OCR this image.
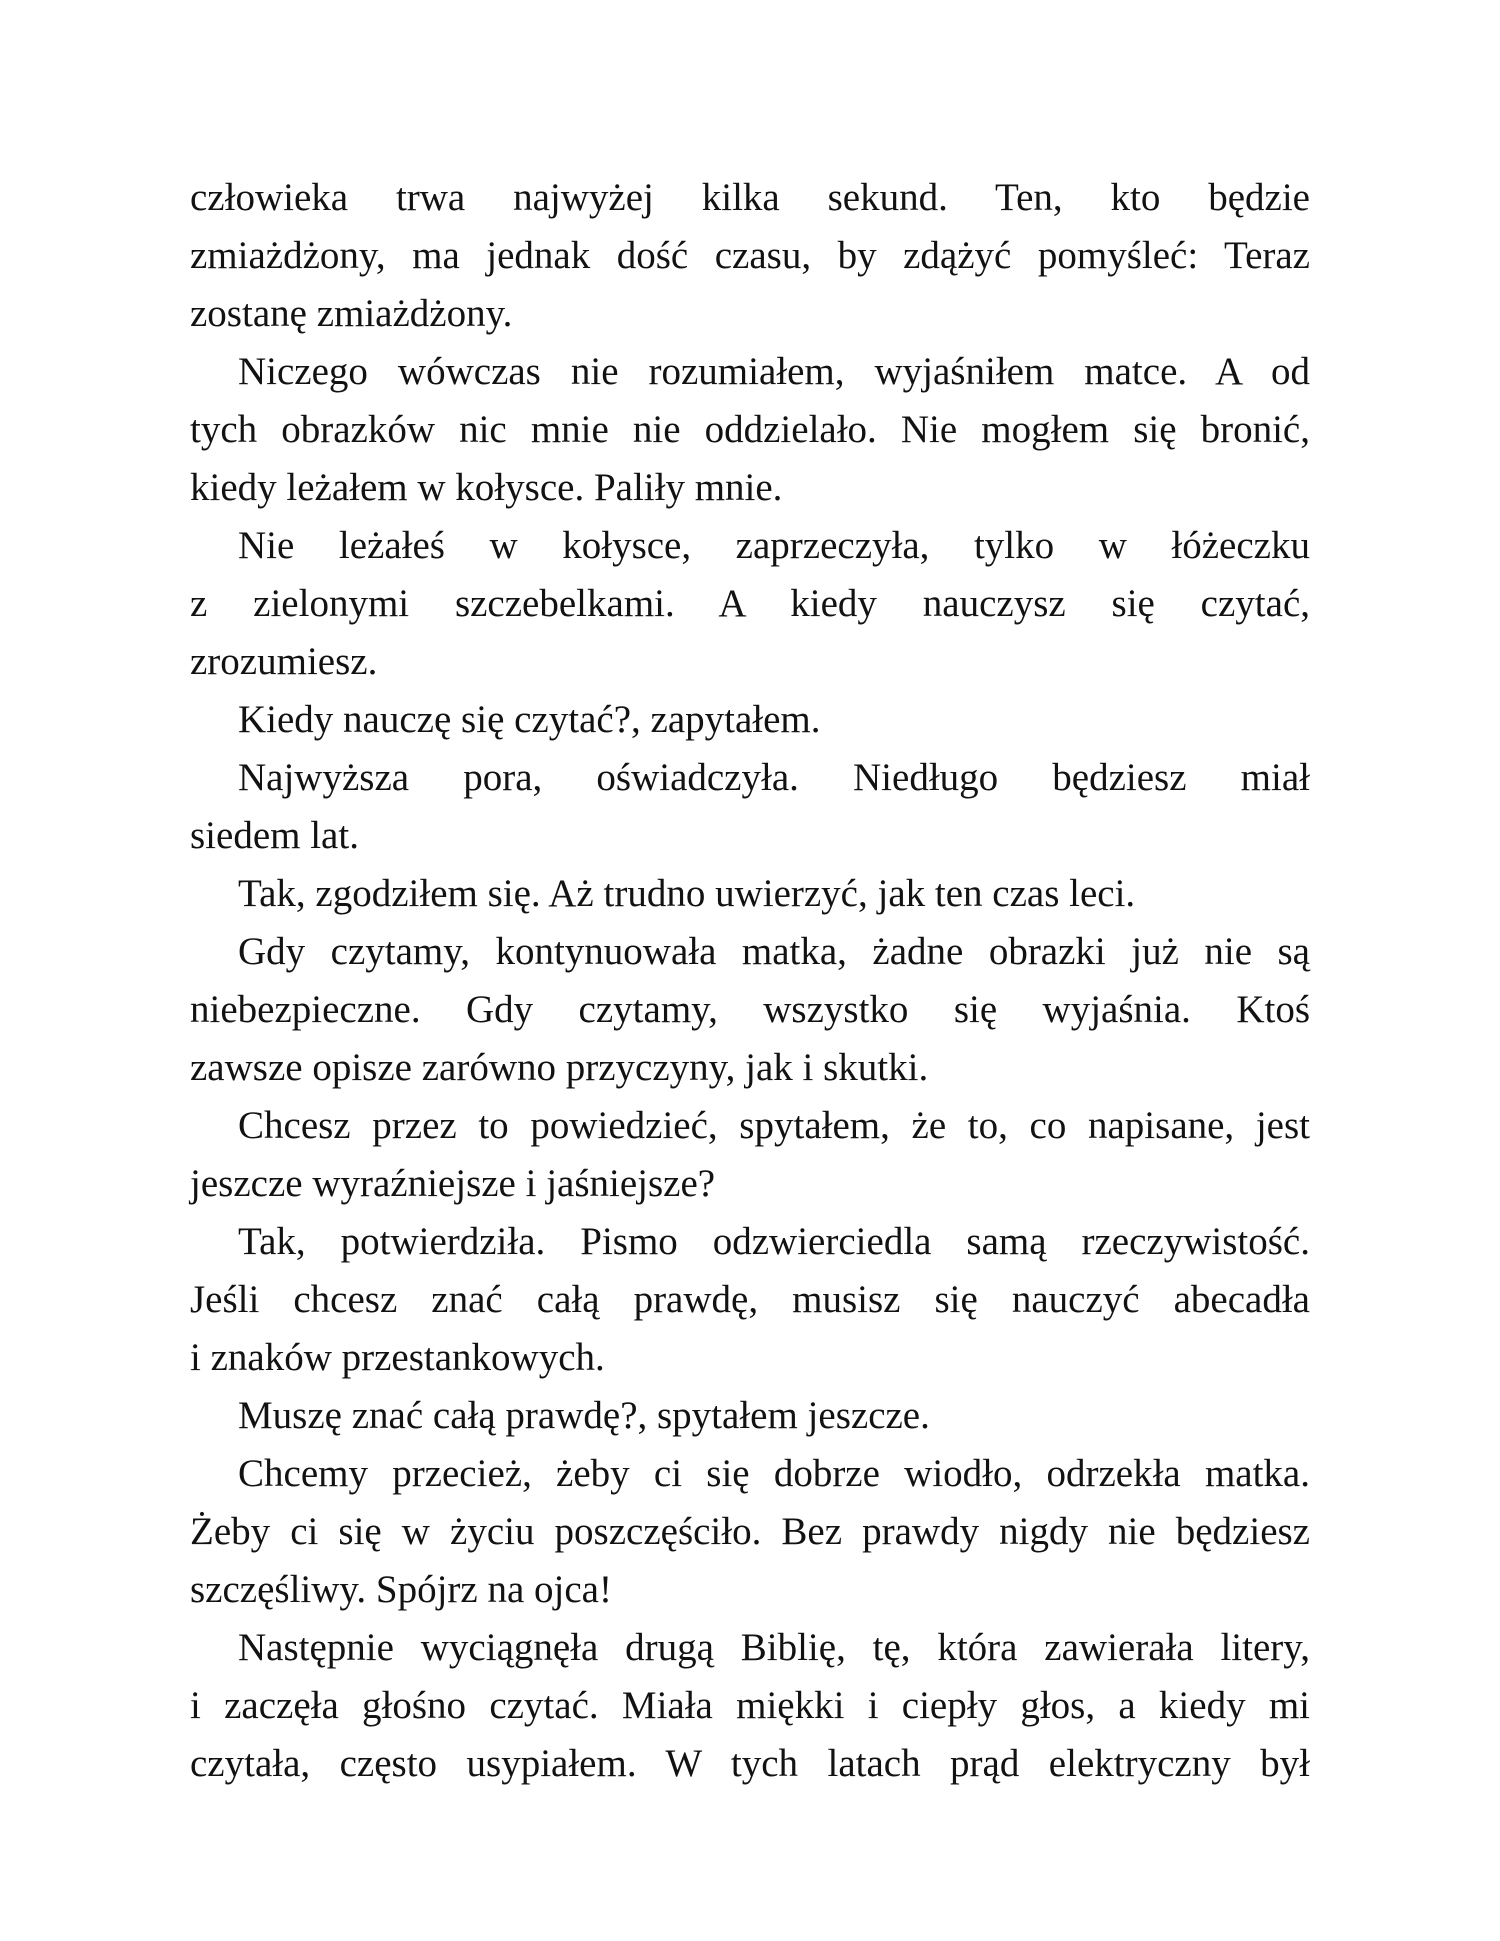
człowieka trwa najwyżej kilka sekund. Ten, kto będzie
zmiażdżony, ma jednak dość czasu, by zdążyć pomyśleć: Teraz
zostanę zmiażdżony.

Niczego wówczas nie rozumiałem, wyjaśniłem matce. A od
tych obrazków nic mnie nie oddzielało. Nie mogłem się bronić,
kiedy leżałem w kołysce. Paliły mnie.

Nie leżałeś w kołysce, zaprzeczyła, tylko w łóżeczku
z zielonymi szczebelkami. A kiedy nauczysz się czytać,
zrozumiesz.

Kiedy nauczę się czytać?, zapytałem.

Najwyższa pora, oświadczyła. Niedługo będziesz miał
siedem lat.

Tak, zgodziłem się. Aż trudno uwierzyć, jak ten czas leci.

Gdy czytamy, kontynuowała matka, żadne obrazki już nie są
niebezpieczne. Gdy czytamy, wszystko się wyjaśnia. Ktoś
zawsze opisze zarówno przyczyny, jak i skutki.

Chcesz przez to powiedzieć, spytałem, że to, co napisane, jest
jeszcze wyraźniejsze i jaśniejsze?

Tak, potwierdziła. Pismo odzwierciedla samą rzeczywistość.
Jeśli chcesz znać całą prawdę, musisz się nauczyć abecadła
i znaków przestankowych.

Muszę znać całą prawdę?, spytałem jeszcze.

Chcemy przecież, żeby ci się dobrze wiodło, odrzekła matka.
Żeby ci się w życiu poszczęściło. Bez prawdy nigdy nie będziesz
szczęśliwy. Spójrz na ojca!

Następnie wyciągnęła drugą Biblię, tę, która zawierała litery,
i zaczęła głośno czytać. Miała miękki i ciepły głos, a kiedy mi
czytała, często usypiałem. W tych latach prąd elektryczny był
